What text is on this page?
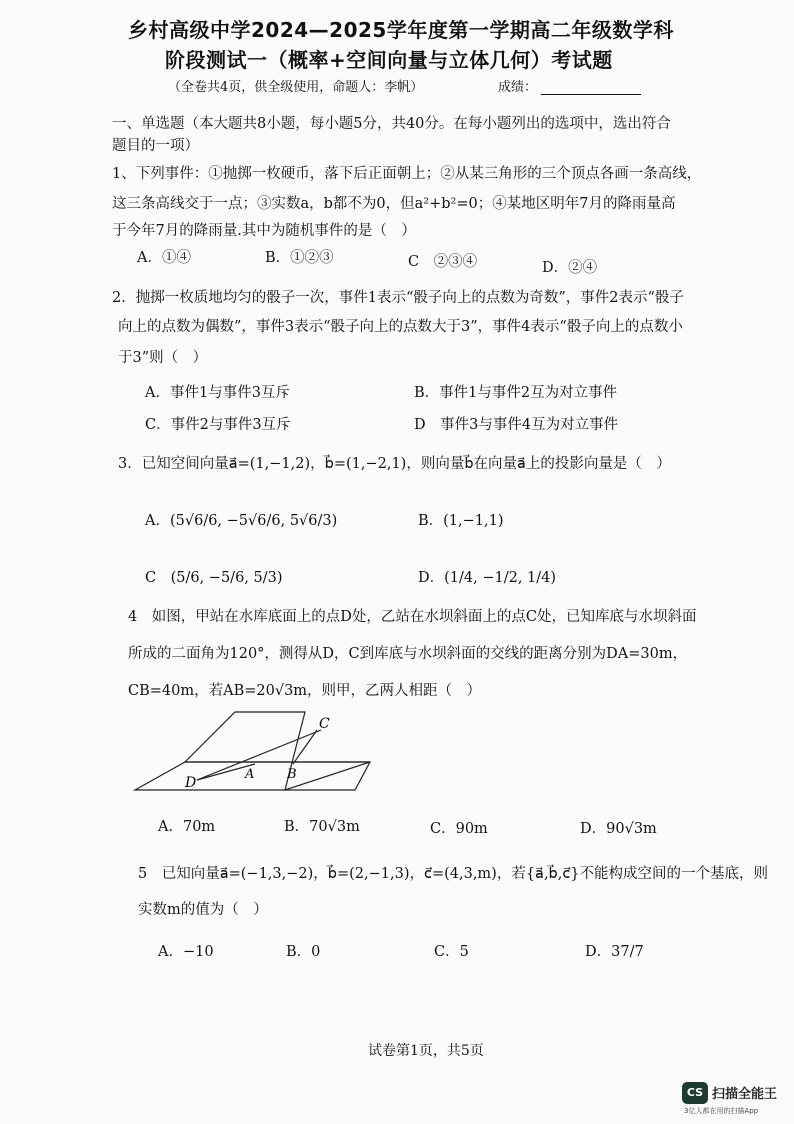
乡村高级中学2024—2025学年度第一学期高二年级数学科
阶段测试一（概率+空间向量与立体几何）考试题
（全卷共4页，供全级使用，命题人：李帆）	成绩：
一、单选题（本大题共8小题，每小题5分，共40分。在每小题列出的选项中，选出符合
题目的一项）
1、下列事件：①抛掷一枚硬币，落下后正面朝上；②从某三角形的三个顶点各画一条高线，
这三条高线交于一点；③实数a，b都不为0，但a²+b²=0；④某地区明年7月的降雨量高
于今年7月的降雨量.其中为随机事件的是（　）
A．①④	B．①②③	C　②③④	D．②④
2．抛掷一枚质地均匀的骰子一次，事件1表示“骰子向上的点数为奇数”，事件2表示“骰子
向上的点数为偶数”，事件3表示“骰子向上的点数大于3”，事件4表示“骰子向上的点数小
于3”则（　）
A．事件1与事件3互斥	B．事件1与事件2互为对立事件
C．事件2与事件3互斥	D　事件3与事件4互为对立事件
3．已知空间向量a⃗=(1,−1,2)，b⃗=(1,−2,1)，则向量b⃗在向量a⃗上的投影向量是（　）
A．(5√6/6, −5√6/6, 5√6/3)	B．(1,−1,1)
C　(5/6, −5/6, 5/3)	D．(1/4, −1/2, 1/4)
4　如图，甲站在水库底面上的点D处，乙站在水坝斜面上的点C处，已知库底与水坝斜面
所成的二面角为120°，测得从D，C到库底与水坝斜面的交线的距离分别为DA=30m，
CB=40m，若AB=20√3m，则甲，乙两人相距（　）
C
D
A	B
A．70m	B．70√3m	C．90m	D．90√3m
5　已知向量a⃗=(−1,3,−2)，b⃗=(2,−1,3)，c⃗=(4,3,m)，若{a⃗,b⃗,c⃗}不能构成空间的一个基底，则
实数m的值为（　）
A．−10	B．0	C．5	D．37/7
试卷第1页，共5页
CS 扫描全能王
3亿人都在用的扫描App
